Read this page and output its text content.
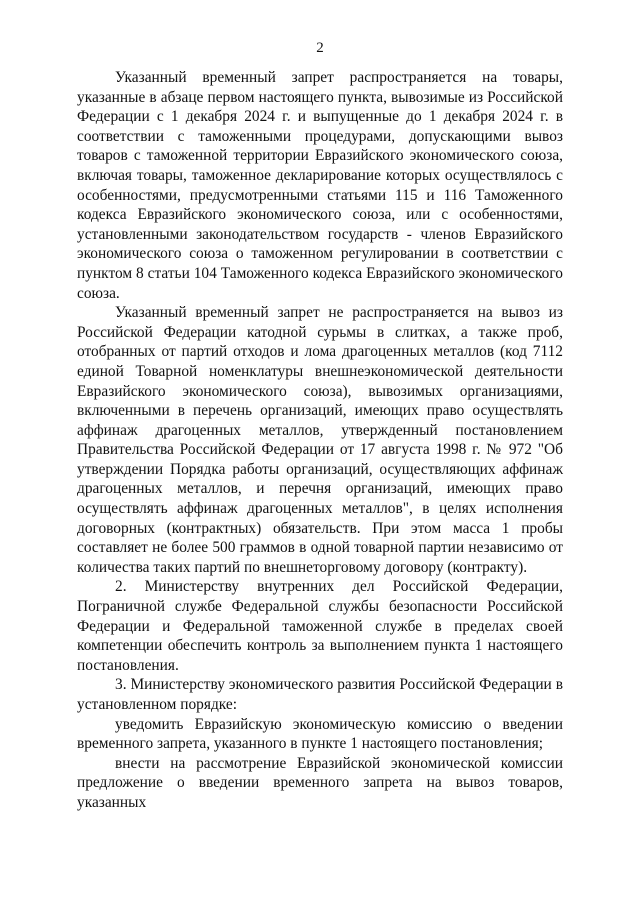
2

Указанный временный запрет распространяется на товары, указанные в абзаце первом настоящего пункта, вывозимые из Российской Федерации с 1 декабря 2024 г. и выпущенные до 1 декабря 2024 г. в соответствии с таможенными процедурами, допускающими вывоз товаров с таможенной территории Евразийского экономического союза, включая товары, таможенное декларирование которых осуществлялось с особенностями, предусмотренными статьями 115 и 116 Таможенного кодекса Евразийского экономического союза, или с особенностями, установленными законодательством государств - членов Евразийского экономического союза о таможенном регулировании в соответствии с пунктом 8 статьи 104 Таможенного кодекса Евразийского экономического союза.

Указанный временный запрет не распространяется на вывоз из Российской Федерации катодной сурьмы в слитках, а также проб, отобранных от партий отходов и лома драгоценных металлов (код 7112 единой Товарной номенклатуры внешнеэкономической деятельности Евразийского экономического союза), вывозимых организациями, включенными в перечень организаций, имеющих право осуществлять аффинаж драгоценных металлов, утвержденный постановлением Правительства Российской Федерации от 17 августа 1998 г. № 972 "Об утверждении Порядка работы организаций, осуществляющих аффинаж драгоценных металлов, и перечня организаций, имеющих право осуществлять аффинаж драгоценных металлов", в целях исполнения договорных (контрактных) обязательств. При этом масса 1 пробы составляет не более 500 граммов в одной товарной партии независимо от количества таких партий по внешнеторговому договору (контракту).

2. Министерству внутренних дел Российской Федерации, Пограничной службе Федеральной службы безопасности Российской Федерации и Федеральной таможенной службе в пределах своей компетенции обеспечить контроль за выполнением пункта 1 настоящего постановления.

3. Министерству экономического развития Российской Федерации в установленном порядке:

уведомить Евразийскую экономическую комиссию о введении временного запрета, указанного в пункте 1 настоящего постановления;

внести на рассмотрение Евразийской экономической комиссии предложение о введении временного запрета на вывоз товаров, указанных
